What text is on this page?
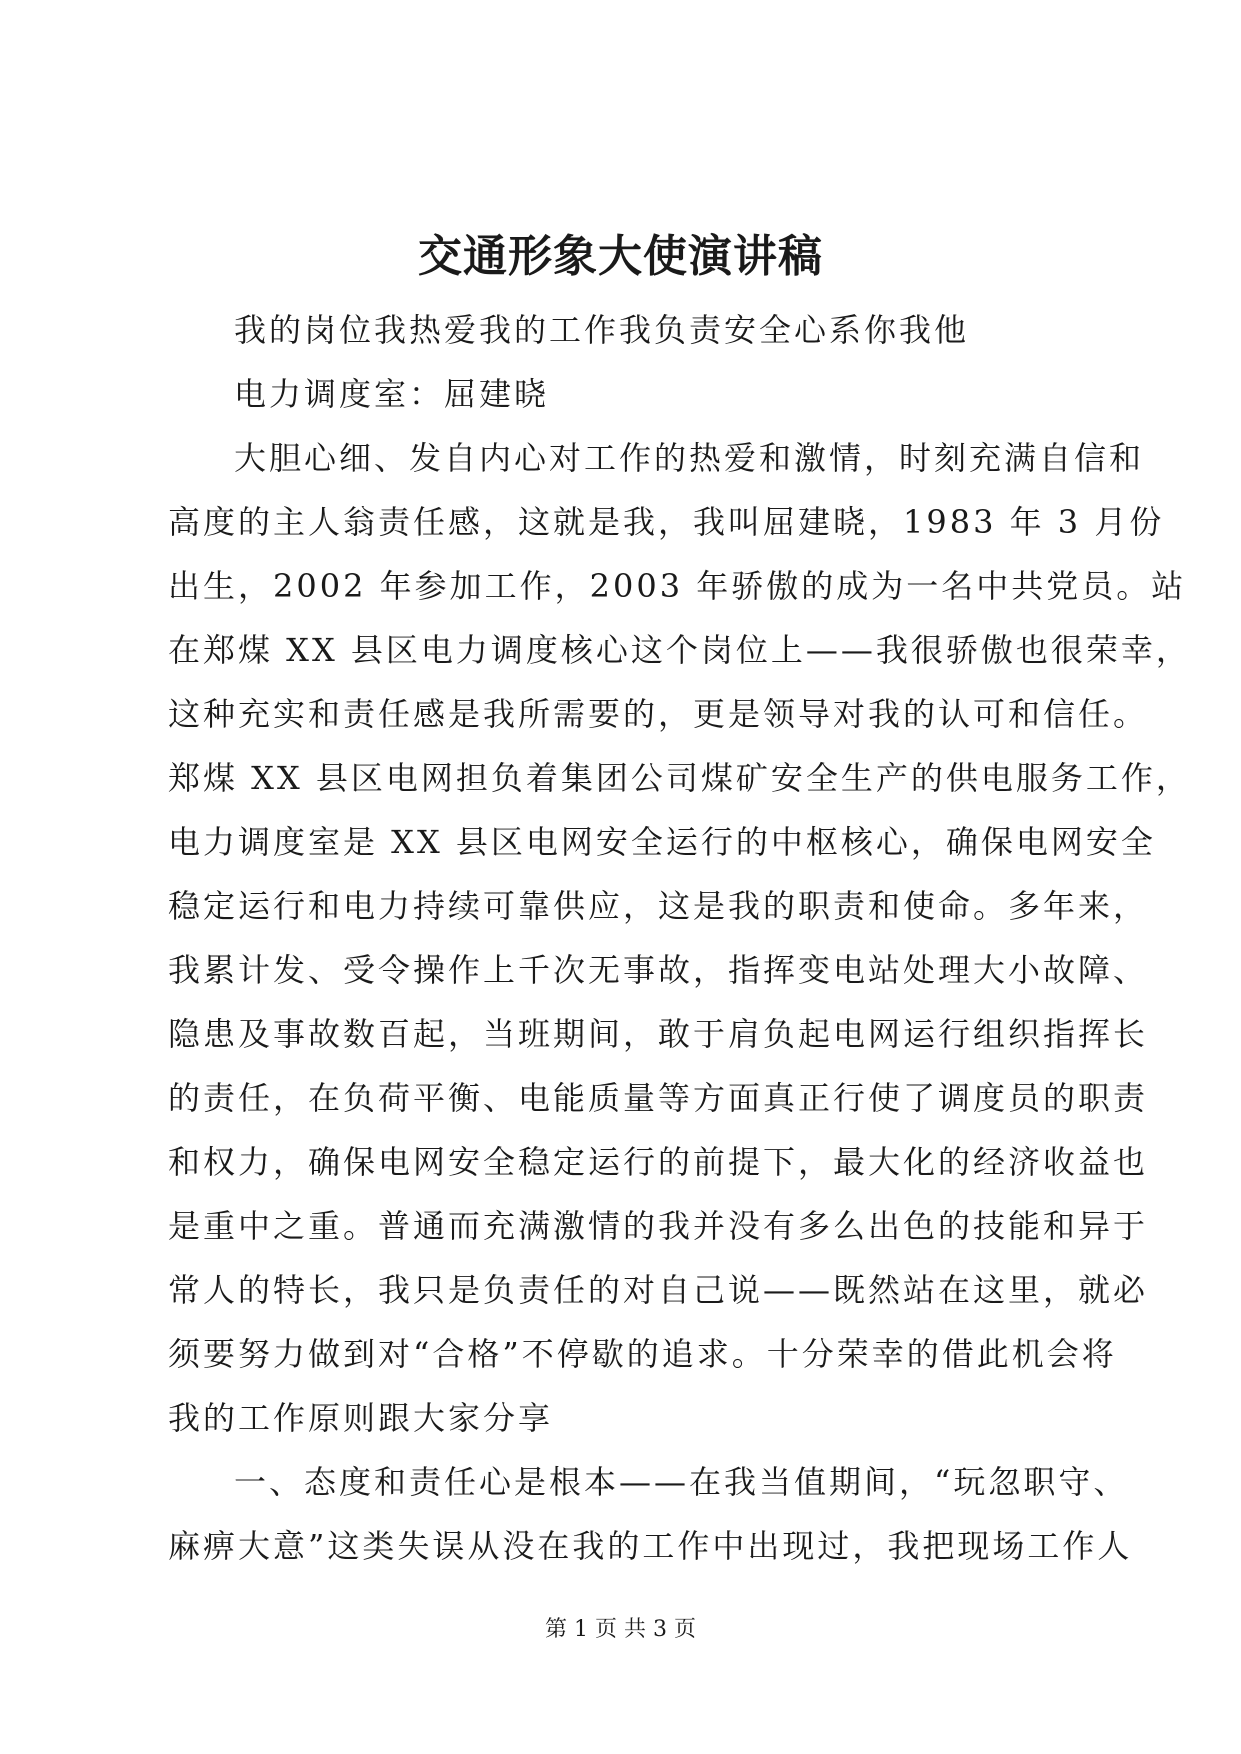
交通形象大使演讲稿
我的岗位我热爱我的工作我负责安全心系你我他
电力调度室：屈建晓
大胆心细、发自内心对工作的热爱和激情，时刻充满自信和
高度的主人翁责任感，这就是我，我叫屈建晓，1983 年 3 月份
出生，2002 年参加工作，2003 年骄傲的成为一名中共党员。站
在郑煤 XX 县区电力调度核心这个岗位上——我很骄傲也很荣幸，
这种充实和责任感是我所需要的，更是领导对我的认可和信任。
郑煤 XX 县区电网担负着集团公司煤矿安全生产的供电服务工作，
电力调度室是 XX 县区电网安全运行的中枢核心，确保电网安全
稳定运行和电力持续可靠供应，这是我的职责和使命。多年来，
我累计发、受令操作上千次无事故，指挥变电站处理大小故障、
隐患及事故数百起，当班期间，敢于肩负起电网运行组织指挥长
的责任，在负荷平衡、电能质量等方面真正行使了调度员的职责
和权力，确保电网安全稳定运行的前提下，最大化的经济收益也
是重中之重。普通而充满激情的我并没有多么出色的技能和异于
常人的特长，我只是负责任的对自己说——既然站在这里，就必
须要努力做到对“合格”不停歇的追求。十分荣幸的借此机会将
我的工作原则跟大家分享
一、态度和责任心是根本——在我当值期间，“玩忽职守、
麻痹大意”这类失误从没在我的工作中出现过，我把现场工作人
第 1 页 共 3 页
